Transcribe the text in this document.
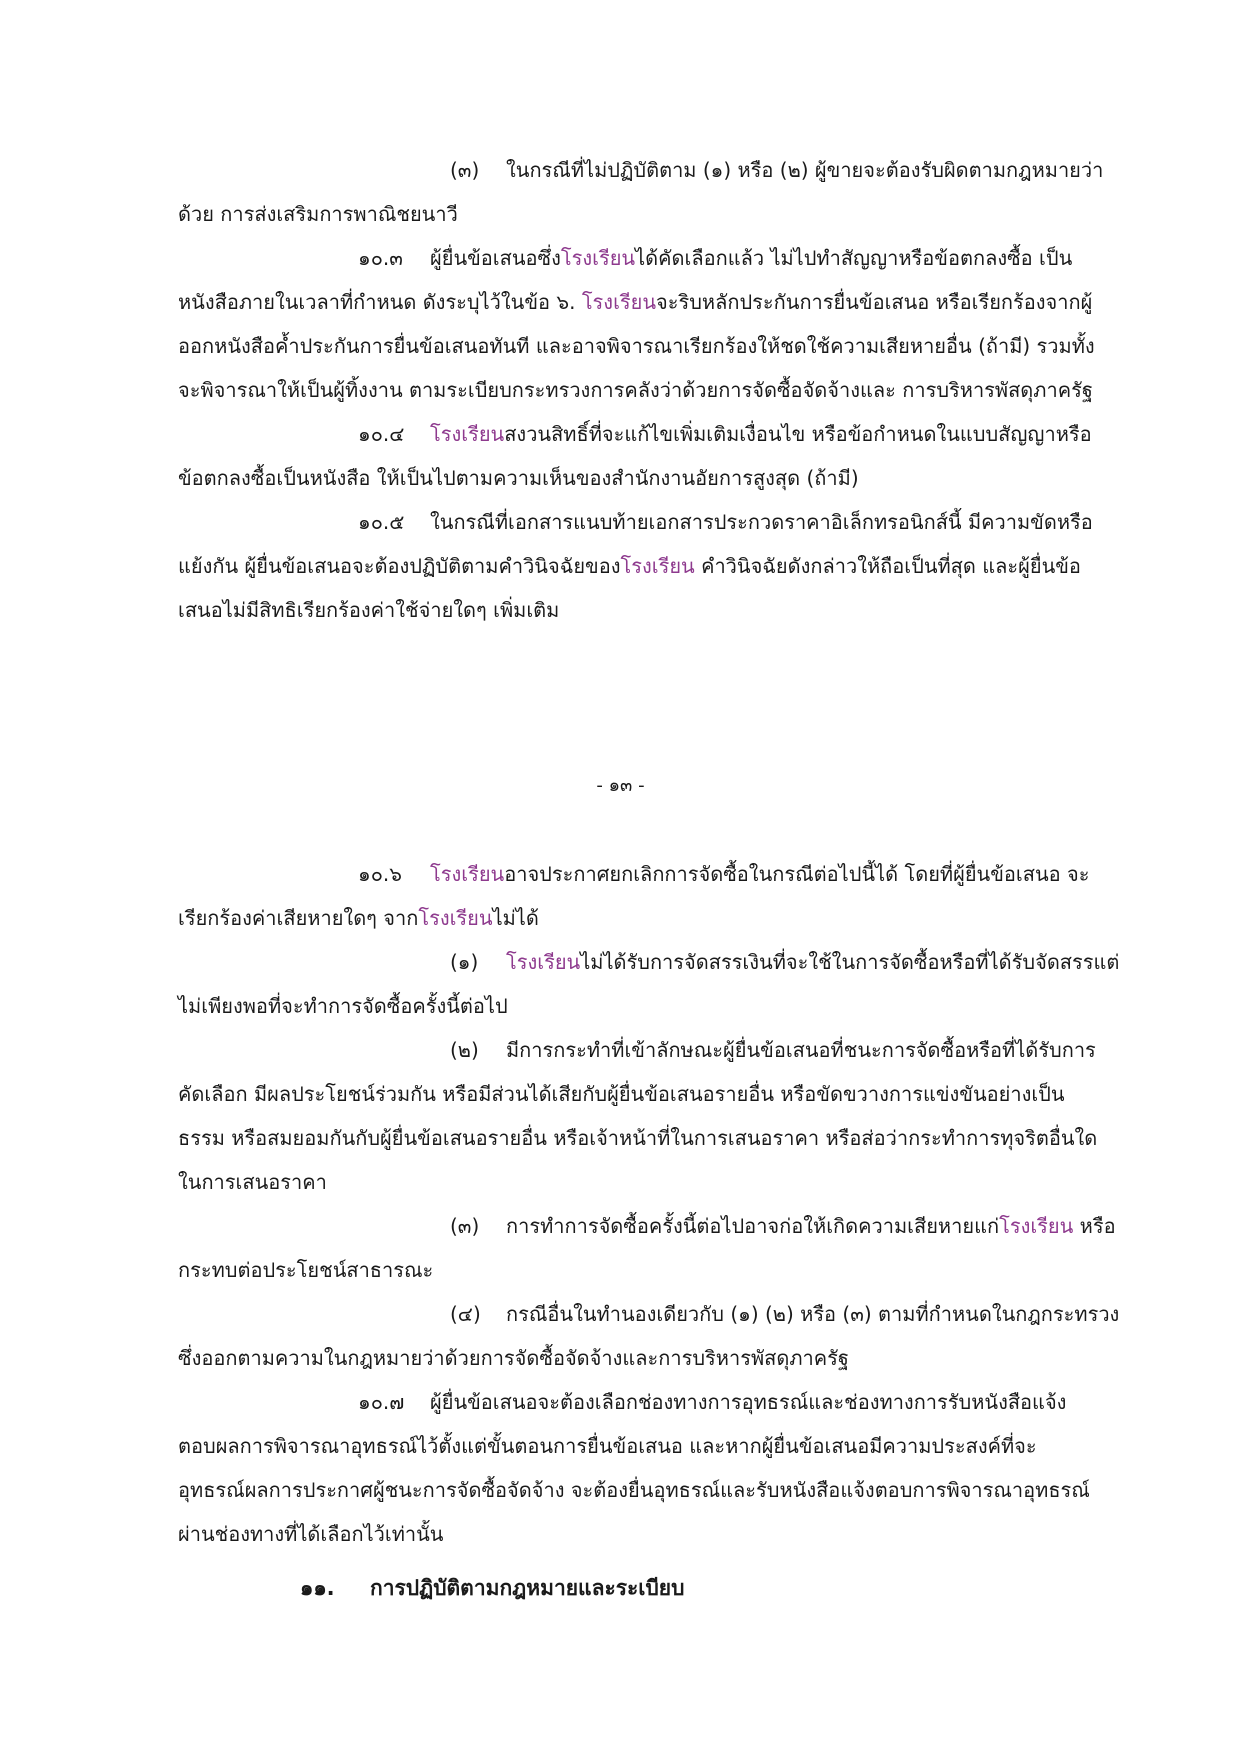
(๓) ในกรณีที่ไม่ปฏิบัติตาม (๑) หรือ (๒) ผู้ขายจะต้องรับผิดตามกฎหมายว่า
ด้วย การส่งเสริมการพาณิชยนาวี
๑๐.๓ ผู้ยื่นข้อเสนอซึ่งโรงเรียนได้คัดเลือกแล้ว ไม่ไปทำสัญญาหรือข้อตกลงซื้อ เป็น
หนังสือภายในเวลาที่กำหนด ดังระบุไว้ในข้อ ๖. โรงเรียนจะริบหลักประกันการยื่นข้อเสนอ หรือเรียกร้องจากผู้
ออกหนังสือค้ำประกันการยื่นข้อเสนอทันที และอาจพิจารณาเรียกร้องให้ชดใช้ความเสียหายอื่น (ถ้ามี) รวมทั้ง
จะพิจารณาให้เป็นผู้ทิ้งงาน ตามระเบียบกระทรวงการคลังว่าด้วยการจัดซื้อจัดจ้างและ การบริหารพัสดุภาครัฐ
๑๐.๔ โรงเรียนสงวนสิทธิ์ที่จะแก้ไขเพิ่มเติมเงื่อนไข หรือข้อกำหนดในแบบสัญญาหรือ
ข้อตกลงซื้อเป็นหนังสือ ให้เป็นไปตามความเห็นของสำนักงานอัยการสูงสุด (ถ้ามี)
๑๐.๕ ในกรณีที่เอกสารแนบท้ายเอกสารประกวดราคาอิเล็กทรอนิกส์นี้ มีความขัดหรือ
แย้งกัน ผู้ยื่นข้อเสนอจะต้องปฏิบัติตามคำวินิจฉัยของโรงเรียน คำวินิจฉัยดังกล่าวให้ถือเป็นที่สุด และผู้ยื่นข้อ
เสนอไม่มีสิทธิเรียกร้องค่าใช้จ่ายใดๆ เพิ่มเติม
- ๑๓ -
๑๐.๖ โรงเรียนอาจประกาศยกเลิกการจัดซื้อในกรณีต่อไปนี้ได้ โดยที่ผู้ยื่นข้อเสนอ จะ
เรียกร้องค่าเสียหายใดๆ จากโรงเรียนไม่ได้
(๑) โรงเรียนไม่ได้รับการจัดสรรเงินที่จะใช้ในการจัดซื้อหรือที่ได้รับจัดสรรแต่
ไม่เพียงพอที่จะทำการจัดซื้อครั้งนี้ต่อไป
(๒) มีการกระทำที่เข้าลักษณะผู้ยื่นข้อเสนอที่ชนะการจัดซื้อหรือที่ได้รับการ
คัดเลือก มีผลประโยชน์ร่วมกัน หรือมีส่วนได้เสียกับผู้ยื่นข้อเสนอรายอื่น หรือขัดขวางการแข่งขันอย่างเป็น
ธรรม หรือสมยอมกันกับผู้ยื่นข้อเสนอรายอื่น หรือเจ้าหน้าที่ในการเสนอราคา หรือส่อว่ากระทำการทุจริตอื่นใด
ในการเสนอราคา
(๓) การทำการจัดซื้อครั้งนี้ต่อไปอาจก่อให้เกิดความเสียหายแก่โรงเรียน หรือ
กระทบต่อประโยชน์สาธารณะ
(๔) กรณีอื่นในทำนองเดียวกับ (๑) (๒) หรือ (๓) ตามที่กำหนดในกฎกระทรวง
ซึ่งออกตามความในกฎหมายว่าด้วยการจัดซื้อจัดจ้างและการบริหารพัสดุภาครัฐ
๑๐.๗ ผู้ยื่นข้อเสนอจะต้องเลือกช่องทางการอุทธรณ์และช่องทางการรับหนังสือแจ้ง
ตอบผลการพิจารณาอุทธรณ์ไว้ตั้งแต่ขั้นตอนการยื่นข้อเสนอ และหากผู้ยื่นข้อเสนอมีความประสงค์ที่จะ
อุทธรณ์ผลการประกาศผู้ชนะการจัดซื้อจัดจ้าง จะต้องยื่นอุทธรณ์และรับหนังสือแจ้งตอบการพิจารณาอุทธรณ์
ผ่านช่องทางที่ได้เลือกไว้เท่านั้น
๑๑. การปฏิบัติตามกฎหมายและระเบียบ
